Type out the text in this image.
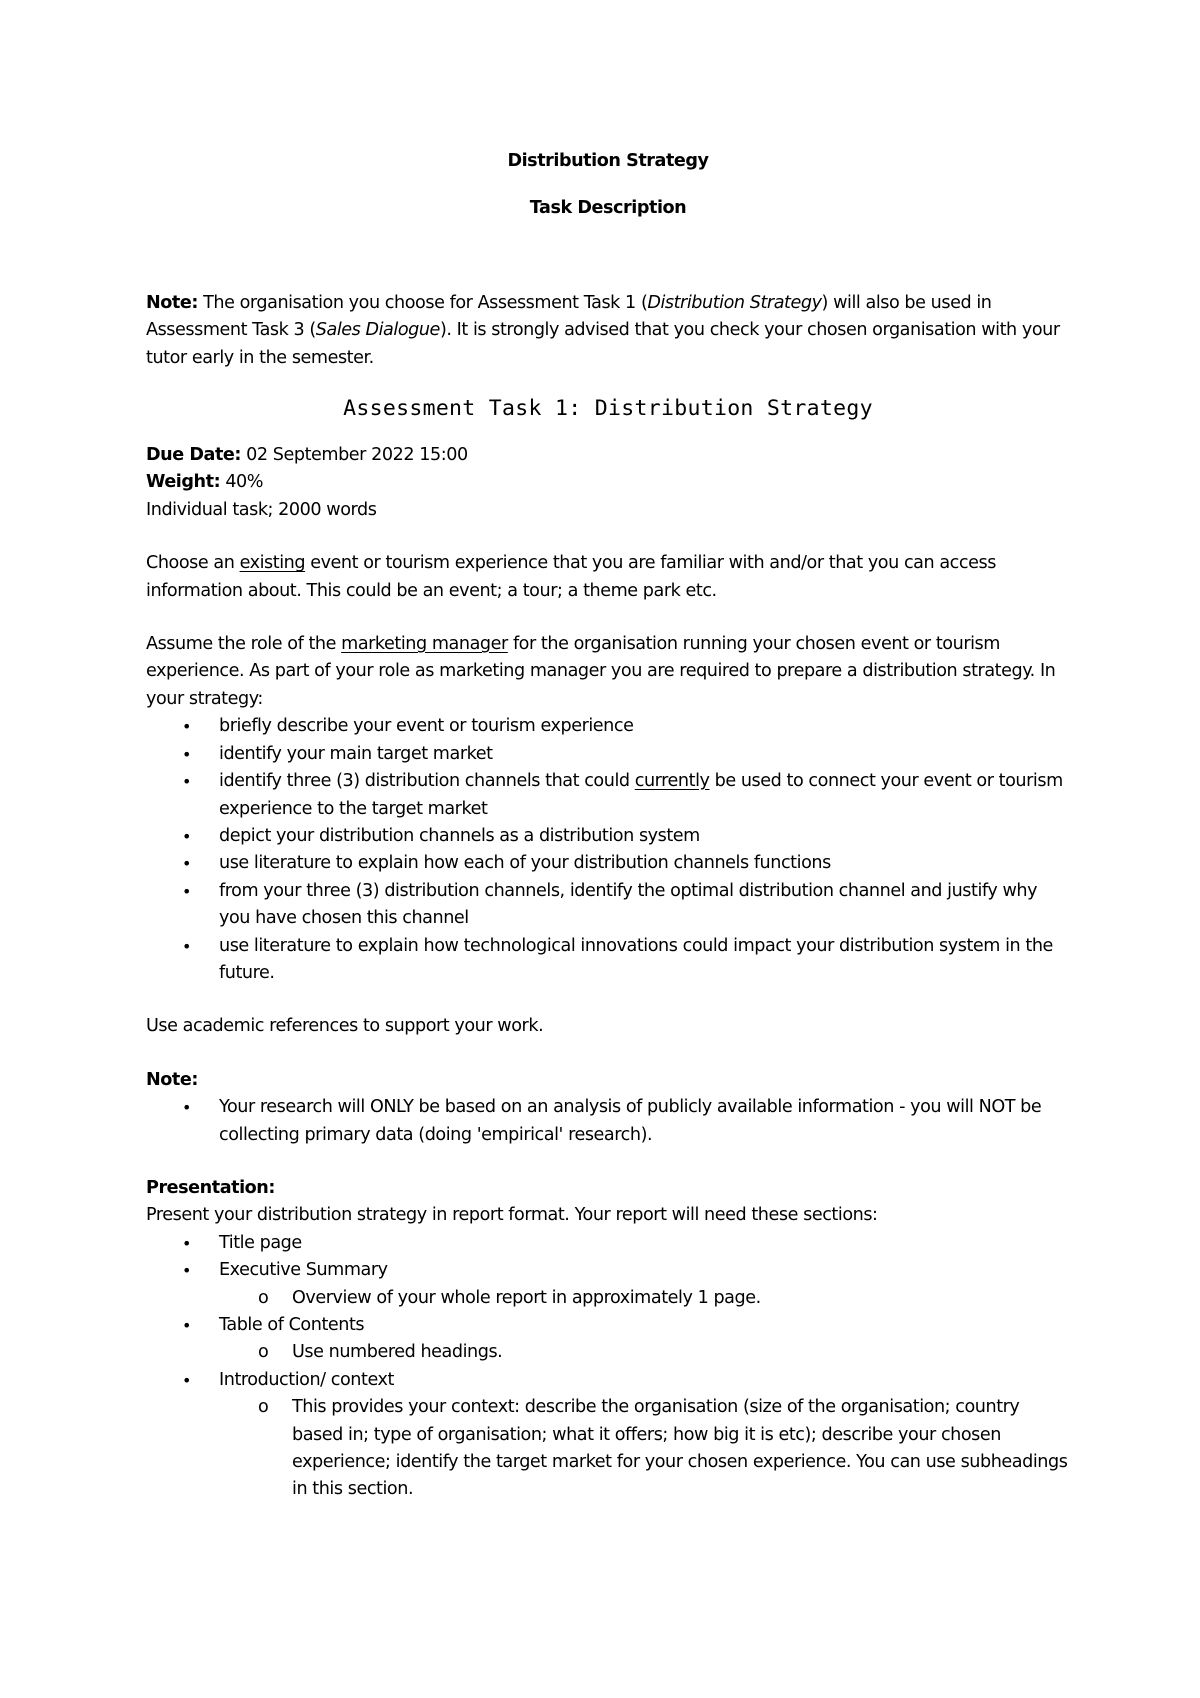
Distribution Strategy

Task Description

Note: The organisation you choose for Assessment Task 1 (Distribution Strategy) will also be used in Assessment Task 3 (Sales Dialogue). It is strongly advised that you check your chosen organisation with your tutor early in the semester.

Assessment Task 1: Distribution Strategy

Due Date: 02 September 2022 15:00

Weight: 40%

Individual task; 2000 words

Choose an existing event or tourism experience that you are familiar with and/or that you can access information about. This could be an event; a tour; a theme park etc.

Assume the role of the marketing manager for the organisation running your chosen event or tourism experience. As part of your role as marketing manager you are required to prepare a distribution strategy. In your strategy:

• briefly describe your event or tourism experience
• identify your main target market
• identify three (3) distribution channels that could currently be used to connect your event or tourism experience to the target market
• depict your distribution channels as a distribution system
• use literature to explain how each of your distribution channels functions
• from your three (3) distribution channels, identify the optimal distribution channel and justify why you have chosen this channel
• use literature to explain how technological innovations could impact your distribution system in the future.

Use academic references to support your work.

Note:

• Your research will ONLY be based on an analysis of publicly available information - you will NOT be collecting primary data (doing 'empirical' research).

Presentation:

Present your distribution strategy in report format. Your report will need these sections:

• Title page
• Executive Summary
o Overview of your whole report in approximately 1 page.
• Table of Contents
o Use numbered headings.
• Introduction/ context
o This provides your context: describe the organisation (size of the organisation; country based in; type of organisation; what it offers; how big it is etc); describe your chosen experience; identify the target market for your chosen experience. You can use subheadings in this section.
